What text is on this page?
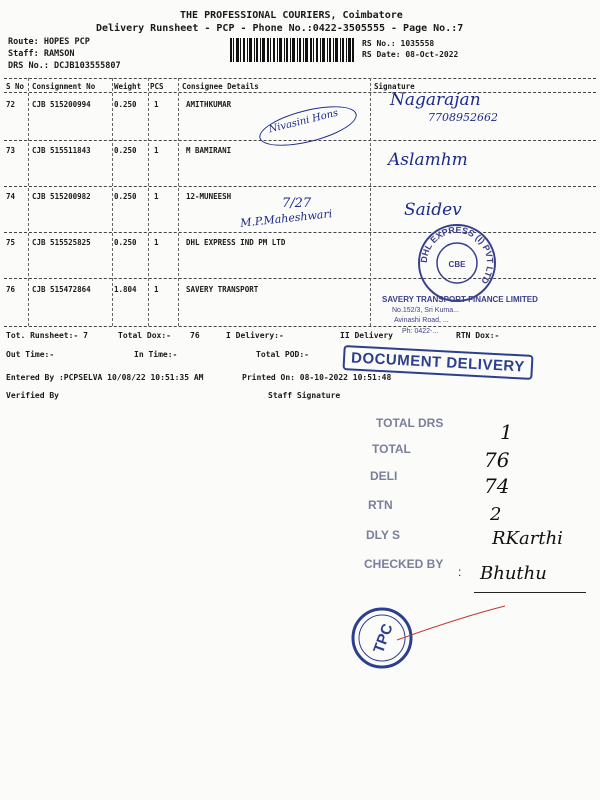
THE PROFESSIONAL COURIERS, Coimbatore
Delivery Runsheet - PCP - Phone No.:0422-3505555 - Page No.:7
Route: HOPES PCP
Staff: RAMSON
DRS No.: DCJB103555807
RS No.: 1035558
RS Date: 08-Oct-2022
S No Consignment No	Weight PCS Consignee Details	Signature
72 CJB 515200994	0.250 1	AMITHKUMAR
73 CJB 515511843	0.250 1	M BAMIRANI
74 CJB 515200982	0.250 1	12-MUNEESH
75 CJB 515525825	0.250 1	DHL EXPRESS IND PM LTD
76 CJB 515472864	1.804 1	SAVERY TRANSPORT
Nagarajan
7708952662
Nivasini Hons
Aslamhm
7/27
M.P.Maheshwari	Saidev
DHL EXPRESS (I) PVT LTD
CBE
SAVERY TRANSPORT FINANCE LIMITED
No.152/3, Sri Kuma...
Avinashi Road, ...
Ph: 0422-...
Tot. Runsheet:- 7	Total Dox:- 76	I Delivery:-	II Delivery	RTN Dox:-
Out Time:-	In Time:-	Total POD:-
Entered By :PCPSELVA 10/08/22 10:51:35 AM	Printed On: 08-10-2022 10:51:48
Verified By	Staff Signature
DOCUMENT DELIVERY
TOTAL DRS	1
TOTAL	76
DELI	74
RTN	2
DLY S	RKarthi
CHECKED BY
: Bhuthu
TPC
